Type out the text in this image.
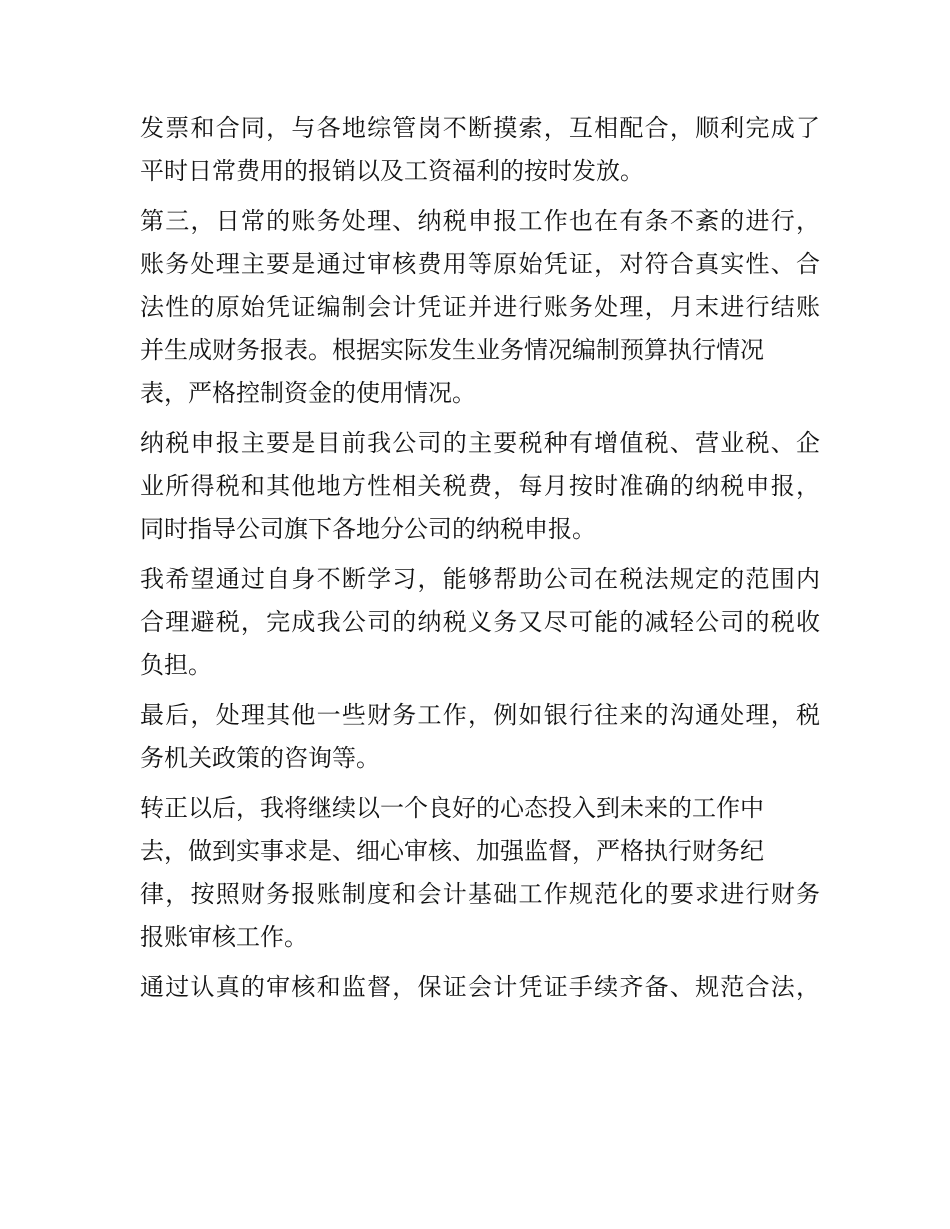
发票和合同，与各地综管岗不断摸索，互相配合，顺利完成了
平时日常费用的报销以及工资福利的按时发放。
第三，日常的账务处理、纳税申报工作也在有条不紊的进行，
账务处理主要是通过审核费用等原始凭证，对符合真实性、合
法性的原始凭证编制会计凭证并进行账务处理，月末进行结账
并生成财务报表。根据实际发生业务情况编制预算执行情况
表，严格控制资金的使用情况。
纳税申报主要是目前我公司的主要税种有增值税、营业税、企
业所得税和其他地方性相关税费，每月按时准确的纳税申报，
同时指导公司旗下各地分公司的纳税申报。
我希望通过自身不断学习，能够帮助公司在税法规定的范围内
合理避税，完成我公司的纳税义务又尽可能的减轻公司的税收
负担。
最后，处理其他一些财务工作，例如银行往来的沟通处理，税
务机关政策的咨询等。
转正以后，我将继续以一个良好的心态投入到未来的工作中
去，做到实事求是、细心审核、加强监督，严格执行财务纪
律，按照财务报账制度和会计基础工作规范化的要求进行财务
报账审核工作。
通过认真的审核和监督，保证会计凭证手续齐备、规范合法，
